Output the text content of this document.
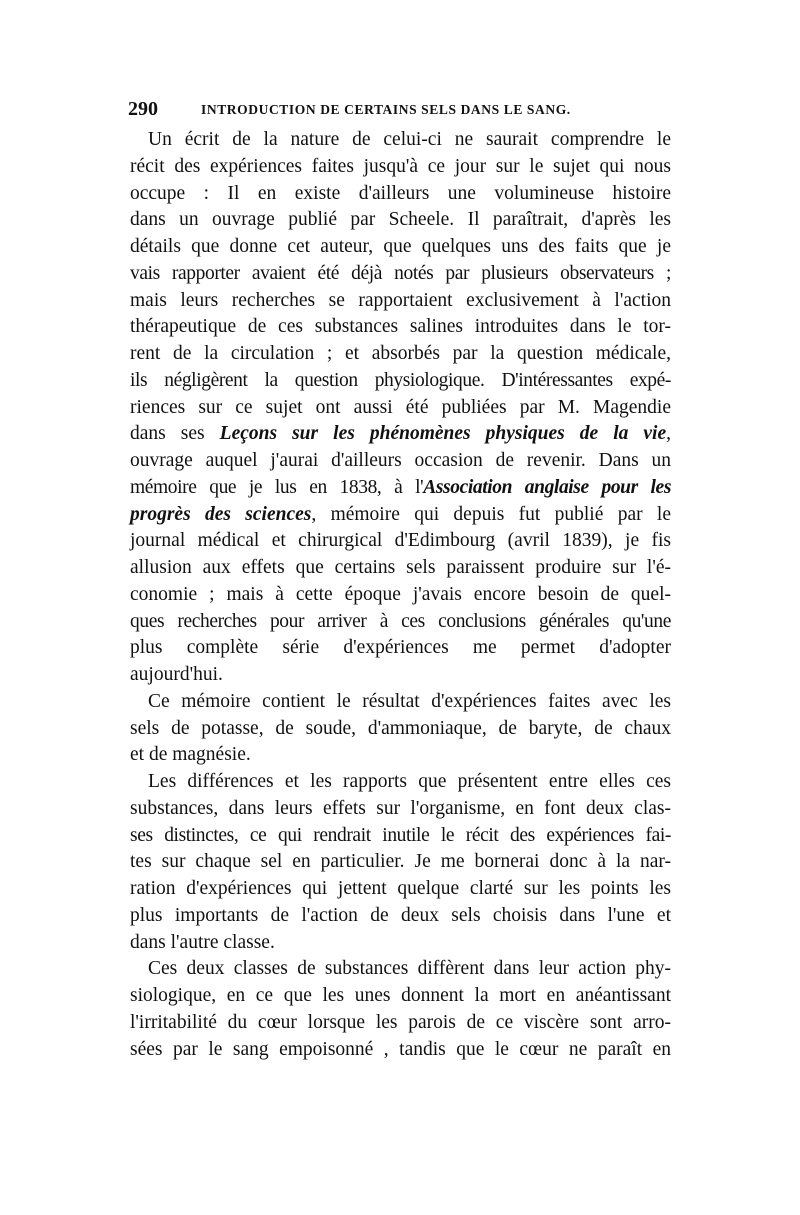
290	INTRODUCTION DE CERTAINS SELS DANS LE SANG.
Un écrit de la nature de celui-ci ne saurait comprendre le
récit des expériences faites jusqu'à ce jour sur le sujet qui nous
occupe : Il en existe d'ailleurs une volumineuse histoire
dans un ouvrage publié par Scheele. Il paraîtrait, d'après les
détails que donne cet auteur, que quelques uns des faits que je
vais rapporter avaient été déjà notés par plusieurs observateurs ;
mais leurs recherches se rapportaient exclusivement à l'action
thérapeutique de ces substances salines introduites dans le tor-
rent de la circulation ; et absorbés par la question médicale,
ils négligèrent la question physiologique. D'intéressantes expé-
riences sur ce sujet ont aussi été publiées par M. Magendie
dans ses Leçons sur les phénomènes physiques de la vie,
ouvrage auquel j'aurai d'ailleurs occasion de revenir. Dans un
mémoire que je lus en 1838, à l'Association anglaise pour les
progrès des sciences, mémoire qui depuis fut publié par le
journal médical et chirurgical d'Edimbourg (avril 1839), je fis
allusion aux effets que certains sels paraissent produire sur l'é-
conomie ; mais à cette époque j'avais encore besoin de quel-
ques recherches pour arriver à ces conclusions générales qu'une
plus complète série d'expériences me permet d'adopter
aujourd'hui.
Ce mémoire contient le résultat d'expériences faites avec les
sels de potasse, de soude, d'ammoniaque, de baryte, de chaux
et de magnésie.
Les différences et les rapports que présentent entre elles ces
substances, dans leurs effets sur l'organisme, en font deux clas-
ses distinctes, ce qui rendrait inutile le récit des expériences fai-
tes sur chaque sel en particulier. Je me bornerai donc à la nar-
ration d'expériences qui jettent quelque clarté sur les points les
plus importants de l'action de deux sels choisis dans l'une et
dans l'autre classe.
Ces deux classes de substances diffèrent dans leur action phy-
siologique, en ce que les unes donnent la mort en anéantissant
l'irritabilité du cœur lorsque les parois de ce viscère sont arro-
sées par le sang empoisonné , tandis que le cœur ne paraît en
